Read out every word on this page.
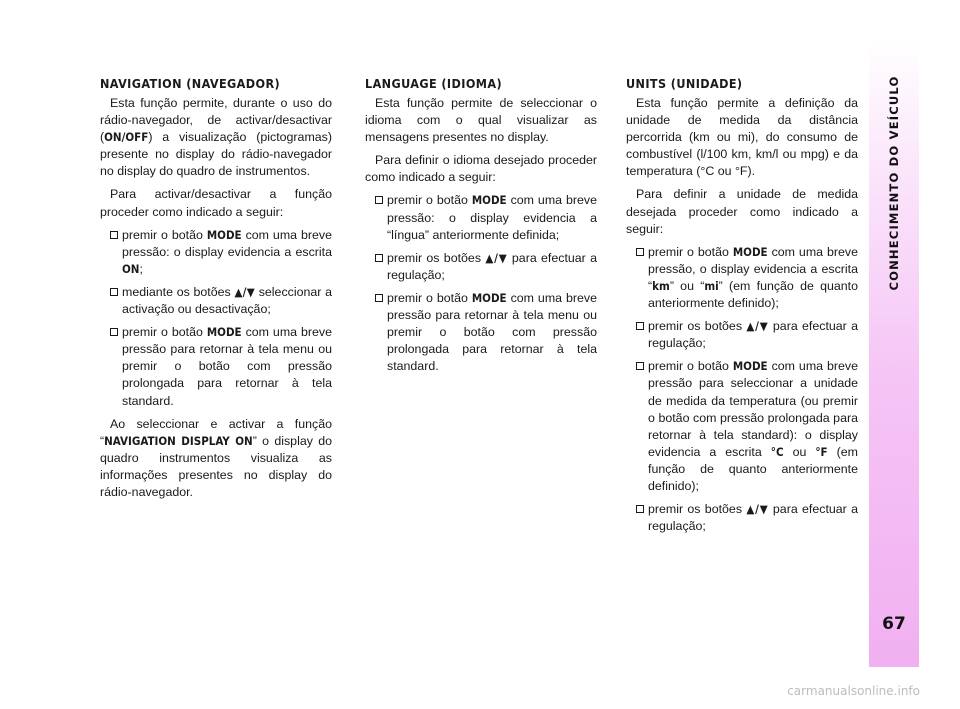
CONHECIMENTO DO VEÍCULO
67
NAVIGATION (NAVEGADOR)

Esta função permite, durante o uso do rádio-navegador, de activar/desactivar (ON/OFF) a visualização (pictogramas) presente no display do rádio-navegador no display do quadro de instrumentos.

Para activar/desactivar a função proceder como indicado a seguir:

premir o botão MODE com uma breve pressão: o display evidencia a escrita ON;
mediante os botões ▲/▼ seleccionar a activação ou desactivação;
premir o botão MODE com uma breve pressão para retornar à tela menu ou premir o botão com pressão prolongada para retornar à tela standard.

Ao seleccionar e activar a função “NAVIGATION DISPLAY ON” o display do quadro instrumentos visualiza as informações presentes no display do rádio-navegador.

LANGUAGE (IDIOMA)

Esta função permite de seleccionar o idioma com o qual visualizar as mensagens presentes no display.

Para definir o idioma desejado proceder como indicado a seguir:

premir o botão MODE com uma breve pressão: o display evidencia a “língua” anteriormente definida;
premir os botões ▲/▼ para efectuar a regulação;
premir o botão MODE com uma breve pressão para retornar à tela menu ou premir o botão com pressão prolongada para retornar à tela standard.
UNITS (UNIDADE)

Esta função permite a definição da unidade de medida da distância percorrida (km ou mi), do consumo de combustível (l/100 km, km/l ou mpg) e da temperatura (°C ou °F).

Para definir a unidade de medida desejada proceder como indicado a seguir:

premir o botão MODE com uma breve pressão, o display evidencia a escrita “km” ou “mi” (em função de quanto anteriormente definido);
premir os botões ▲/▼ para efectuar a regulação;
premir o botão MODE com uma breve pressão para seleccionar a unidade de medida da temperatura (ou premir o botão com pressão prolongada para retornar à tela standard): o display evidencia a escrita °C ou °F (em função de quanto anteriormente definido);
premir os botões ▲/▼ para efectuar a regulação;
carmanualsonline.info
